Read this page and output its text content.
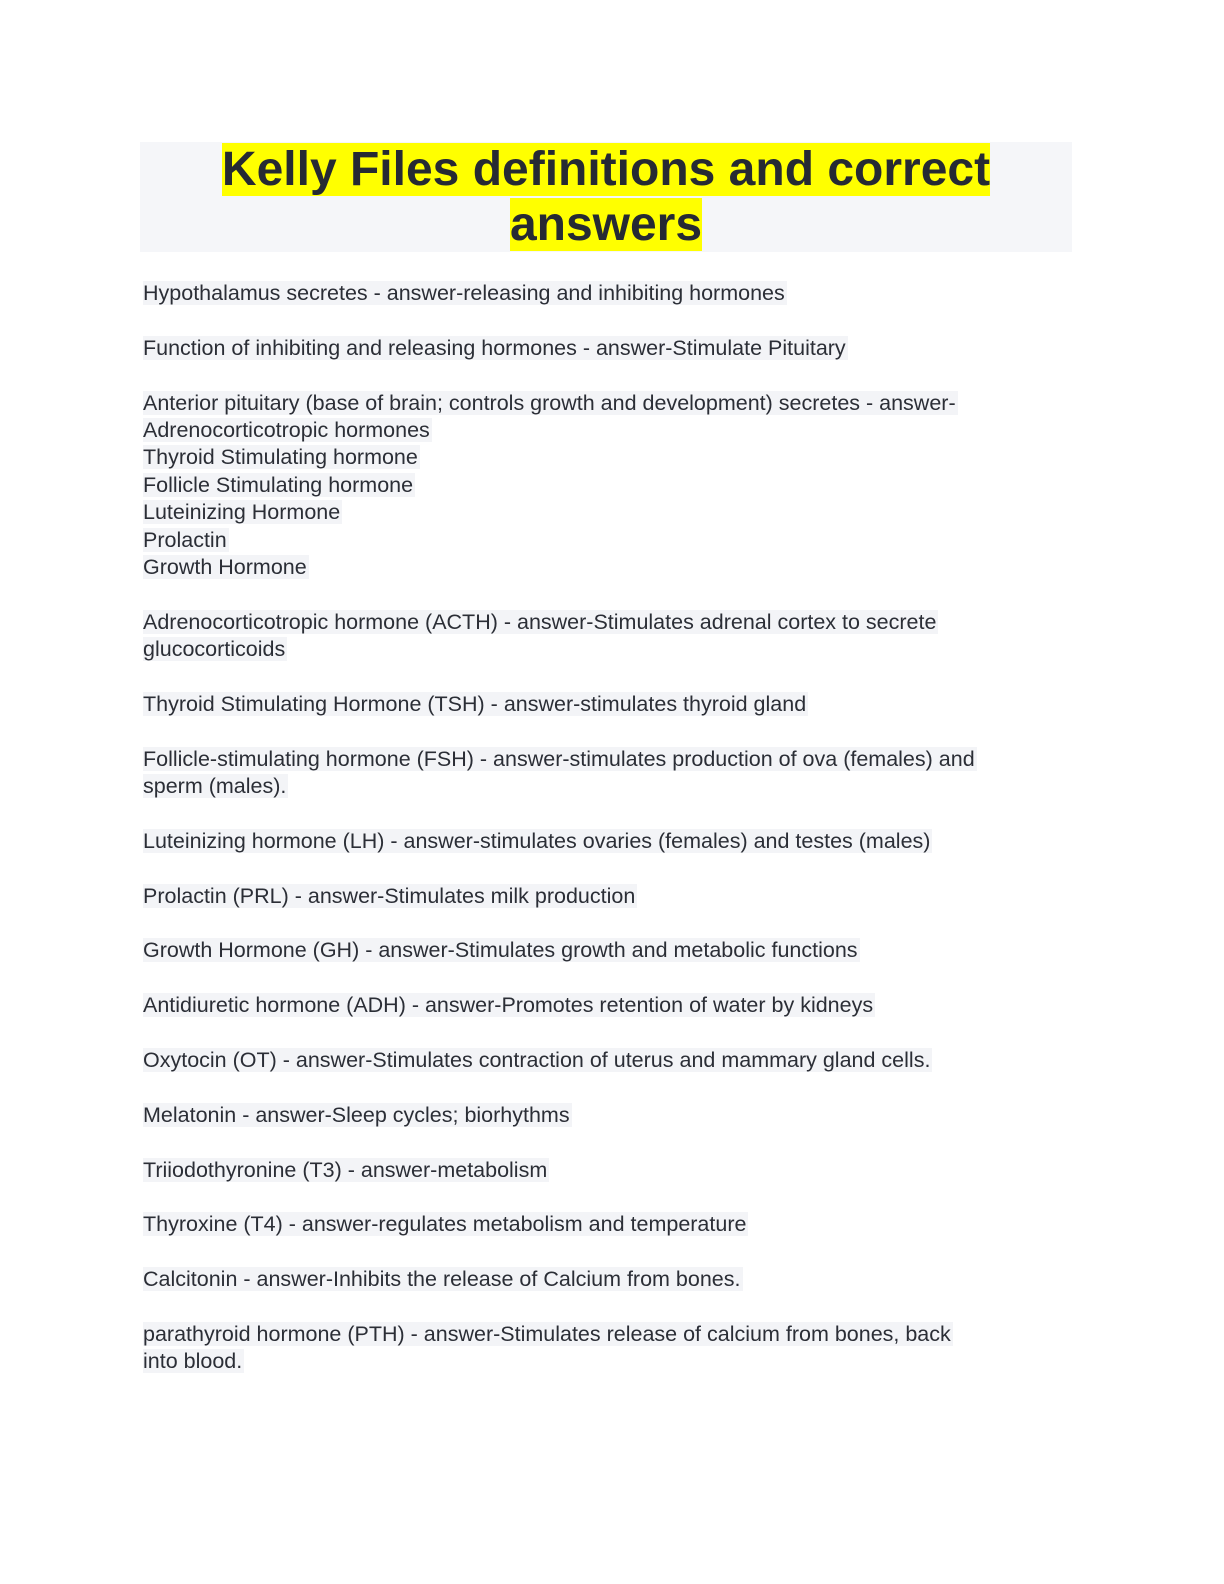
Kelly Files definitions and correct
answers
Hypothalamus secretes - answer-releasing and inhibiting hormones
Function of inhibiting and releasing hormones - answer-Stimulate Pituitary
Anterior pituitary (base of brain; controls growth and development) secretes - answer-
Adrenocorticotropic hormones
Thyroid Stimulating hormone
Follicle Stimulating hormone
Luteinizing Hormone
Prolactin
Growth Hormone
Adrenocorticotropic hormone (ACTH) - answer-Stimulates adrenal cortex to secrete
glucocorticoids
Thyroid Stimulating Hormone (TSH) - answer-stimulates thyroid gland
Follicle-stimulating hormone (FSH) - answer-stimulates production of ova (females) and
sperm (males).
Luteinizing hormone (LH) - answer-stimulates ovaries (females) and testes (males)
Prolactin (PRL) - answer-Stimulates milk production
Growth Hormone (GH) - answer-Stimulates growth and metabolic functions
Antidiuretic hormone (ADH) - answer-Promotes retention of water by kidneys
Oxytocin (OT) - answer-Stimulates contraction of uterus and mammary gland cells.
Melatonin - answer-Sleep cycles; biorhythms
Triiodothyronine (T3) - answer-metabolism
Thyroxine (T4) - answer-regulates metabolism and temperature
Calcitonin - answer-Inhibits the release of Calcium from bones.
parathyroid hormone (PTH) - answer-Stimulates release of calcium from bones, back
into blood.
